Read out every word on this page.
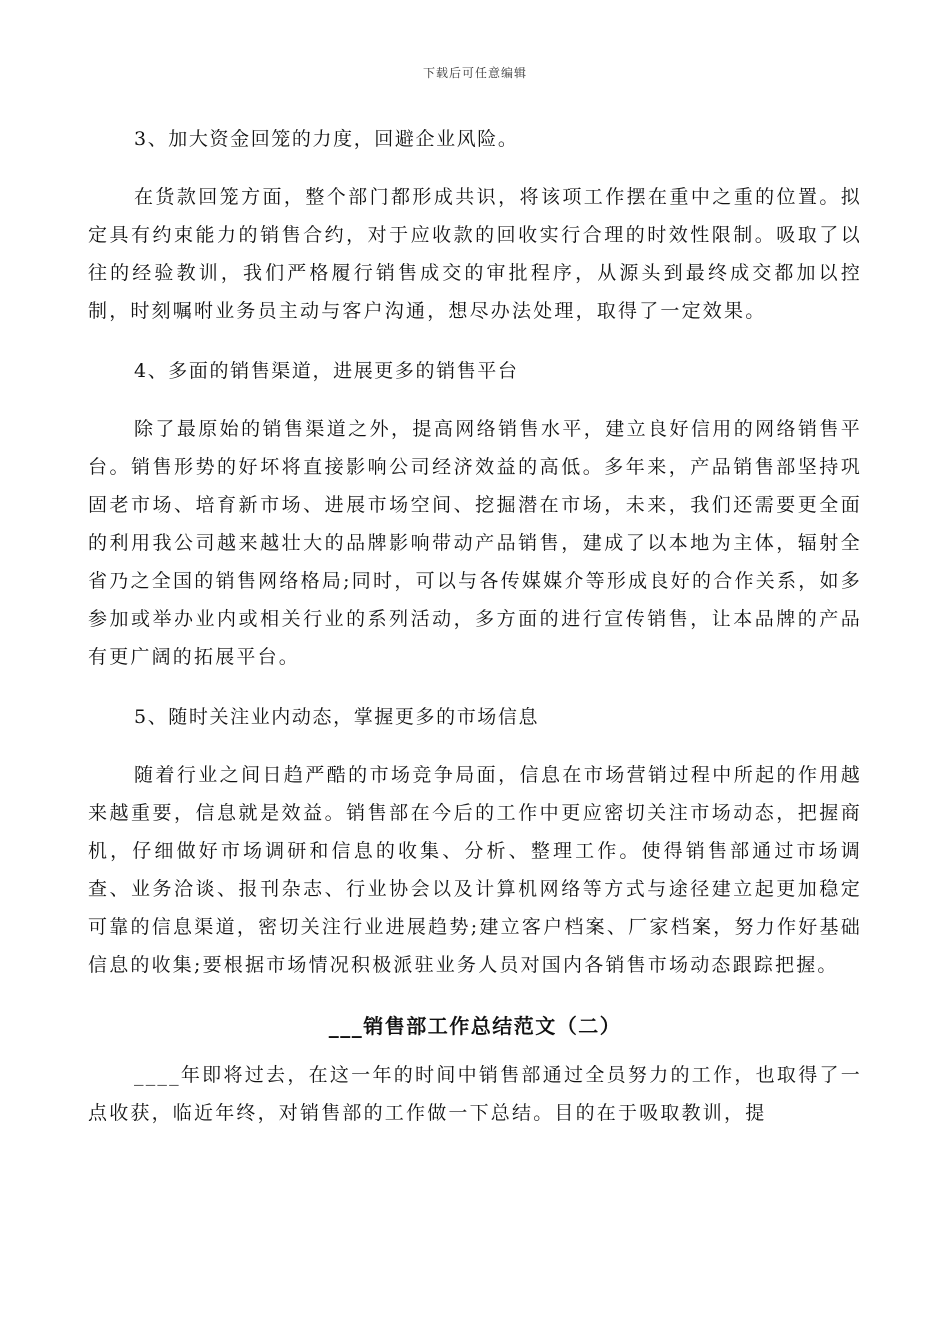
下载后可任意编辑
3、加大资金回笼的力度，回避企业风险。
在货款回笼方面，整个部门都形成共识，将该项工作摆在重中之重的位置。拟定具有约束能力的销售合约，对于应收款的回收实行合理的时效性限制。吸取了以往的经验教训，我们严格履行销售成交的审批程序，从源头到最终成交都加以控制，时刻嘱咐业务员主动与客户沟通，想尽办法处理，取得了一定效果。
4、多面的销售渠道，进展更多的销售平台
除了最原始的销售渠道之外，提高网络销售水平，建立良好信用的网络销售平台。销售形势的好坏将直接影响公司经济效益的高低。多年来，产品销售部坚持巩固老市场、培育新市场、进展市场空间、挖掘潜在市场，未来，我们还需要更全面的利用我公司越来越壮大的品牌影响带动产品销售，建成了以本地为主体，辐射全省乃之全国的销售网络格局;同时，可以与各传媒媒介等形成良好的合作关系，如多参加或举办业内或相关行业的系列活动，多方面的进行宣传销售，让本品牌的产品有更广阔的拓展平台。
5、随时关注业内动态，掌握更多的市场信息
随着行业之间日趋严酷的市场竞争局面，信息在市场营销过程中所起的作用越来越重要，信息就是效益。销售部在今后的工作中更应密切关注市场动态，把握商机，仔细做好市场调研和信息的收集、分析、整理工作。使得销售部通过市场调查、业务洽谈、报刊杂志、行业协会以及计算机网络等方式与途径建立起更加稳定可靠的信息渠道，密切关注行业进展趋势;建立客户档案、厂家档案，努力作好基础信息的收集;要根据市场情况积极派驻业务人员对国内各销售市场动态跟踪把握。
___销售部工作总结范文（二）
____年即将过去，在这一年的时间中销售部通过全员努力的工作，也取得了一点收获，临近年终，对销售部的工作做一下总结。目的在于吸取教训，提
